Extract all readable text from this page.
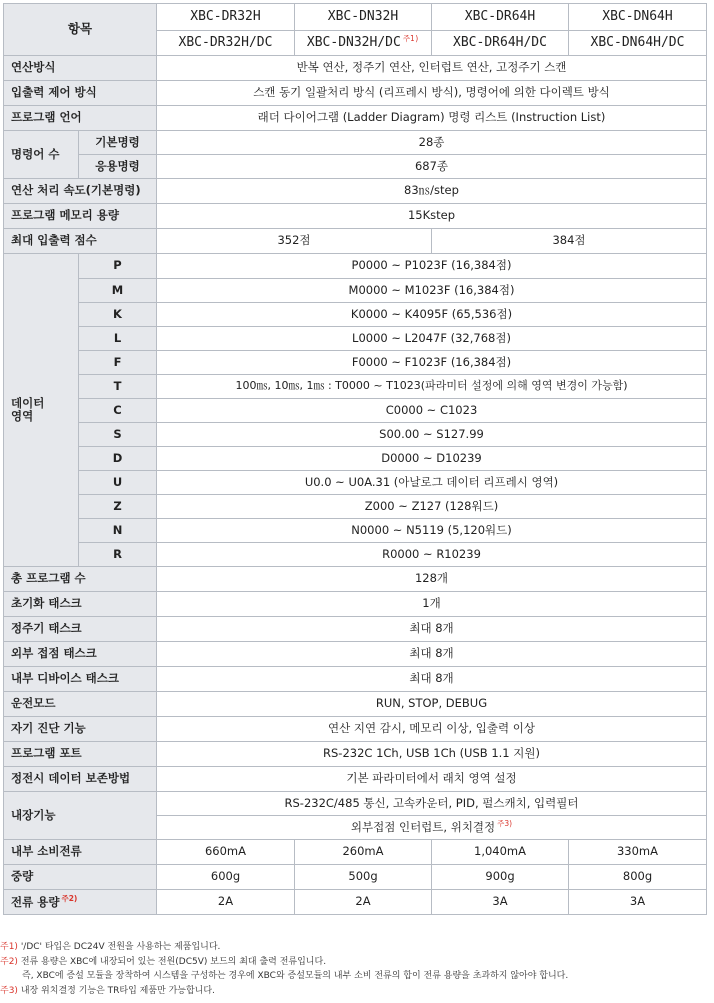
항목		XBC-DR32H	XBC-DN32H	XBC-DR64H	XBC-DN64H
		XBC-DR32H/DC	XBC-DN32H/DC $^{주1)}$	XBC-DR64H/DC	XBC-DN64H/DC
연산방식		반복 연산, 정주기 연산, 인터럽트 연산, 고정주기 스캔			
입출력 제어 방식		스캔 동기 일괄처리 방식 (리프레시 방식), 명령어에 의한 다이렉트 방식			
프로그램 언어		래더 다이어그램 (Ladder Diagram) 명령 리스트 (Instruction List)			
명령어 수	기본명령	28종			
	응용명령	687종			
연산 처리 속도(기본명령)		83㎱/step			
프로그램 메모리 용량		15Kstep			
최대 입출력 점수		352점		384점	
데이터
영역	P	P0000 ~ P1023F (16,384점)			
	M	M0000 ~ M1023F (16,384점)			
	K	K0000 ~ K4095F (65,536점)			
	L	L0000 ~ L2047F (32,768점)			
	F	F0000 ~ F1023F (16,384점)			
	T	100㎳, 10㎳, 1㎳ : T0000 ~ T1023(파라미터 설정에 의해 영역 변경이 가능함)			
	C	C0000 ~ C1023			
	S	S00.00 ~ S127.99			
	D	D0000 ~ D10239			
	U	U0.0 ~ U0A.31 (아날로그 데이터 리프레시 영역)			
	Z	Z000 ~ Z127 (128워드)			
	N	N0000 ~ N5119 (5,120워드)			
	R	R0000 ~ R10239			
총 프로그램 수		128개			
초기화 태스크		1개			
정주기 태스크		최대 8개			
외부 접점 태스크		최대 8개			
내부 디바이스 태스크		최대 8개			
운전모드		RUN, STOP, DEBUG			
자기 진단 기능		연산 지연 감시, 메모리 이상, 입출력 이상			
프로그램 포트		RS-232C 1Ch, USB 1Ch (USB 1.1 지원)			
정전시 데이터 보존방법		기본 파라미터에서 래치 영역 설정			
내장기능		RS-232C/485 통신, 고속카운터, PID, 펄스캐치, 입력필터			
		외부접점 인터럽트, 위치결정 $^{주3)}$
내부 소비전류		660mA	260mA	1,040mA	330mA
중량		600g	500g	900g	800g
전류 용량 $^{주2)}$		2A	2A	3A	3A
주1) '/DC' 타입은 DC24V 전원을 사용하는 제품입니다.
주2) 전류 용량은 XBC에 내장되어 있는 전원(DC5V) 보드의 최대 출력 전류입니다.
즉, XBC에 증설 모듈을 장착하여 시스템을 구성하는 경우에 XBC와 증설모듈의 내부 소비 전류의 합이 전류 용량을 초과하지 않아야 합니다.
주3) 내장 위치결정 기능은 TR타입 제품만 가능합니다.
